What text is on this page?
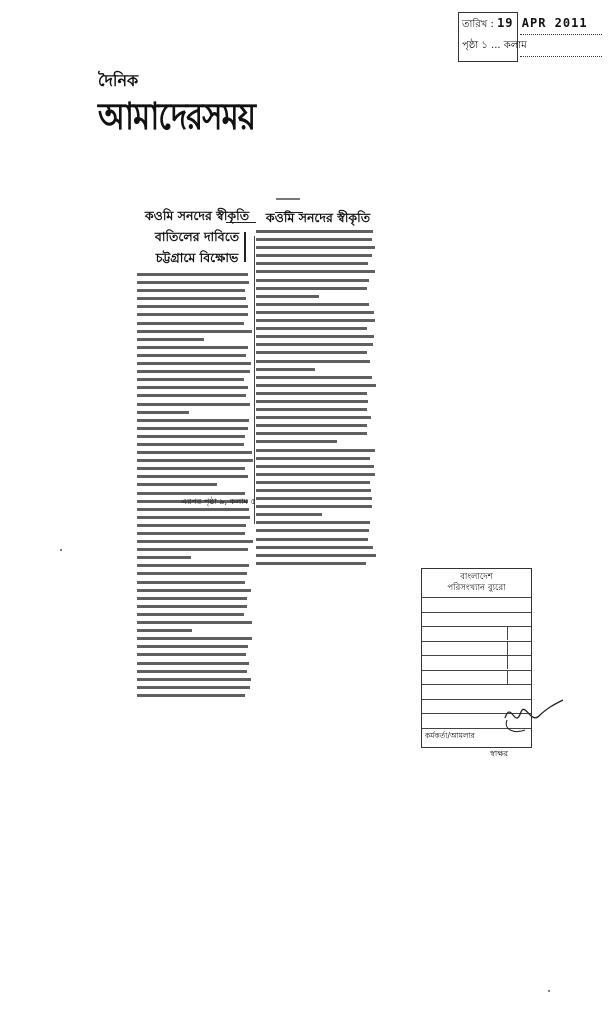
তারিখ : 19 APR 2011
পৃষ্ঠা ১ ... কলাম
দৈনিক
আমাদেরসময়
কওমি সনদের স্বীকৃতি
বাতিলের দাবিতে
চট্টগ্রামে বিক্ষোভ
এরপর পৃষ্ঠা ৯, কলাম ৫
কওমি সনদের স্বীকৃতি
বাংলাদেশ
পরিসংখ্যান ব্যুরো
কর্মকর্তা/আমলার
স্বাক্ষর
